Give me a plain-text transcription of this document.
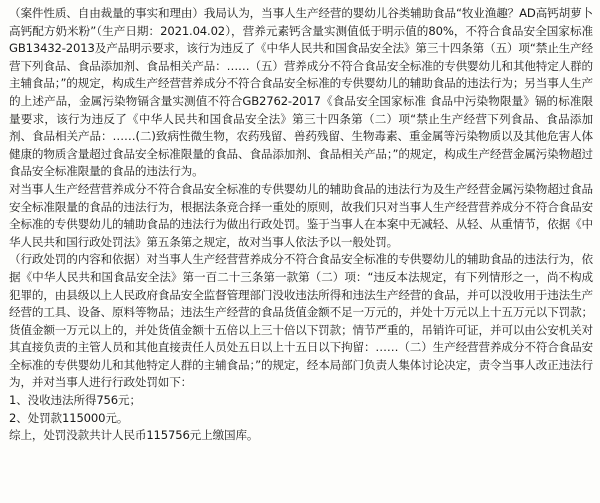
（案件性质、自由裁量的事实和理由）我局认为，当事人生产经营的婴幼儿谷类辅助食品“牧业渔趣？AD高钙胡萝卜高钙配方奶米粉”（生产日期：2021.04.02），营养元素钙含量实测值低于明示值的80%，不符合食品安全国家标准GB13432-2013及产品明示要求，该行为违反了《中华人民共和国食品安全法》第三十四条第（五）项“禁止生产经营下列食品、食品添加剂、食品相关产品：……（五）营养成分不符合食品安全标准的专供婴幼儿和其他特定人群的主辅食品；”的规定，构成生产经营营养成分不符合食品安全标准的专供婴幼儿的辅助食品的违法行为；另当事人生产的上述产品，金属污染物镉含量实测值不符合GB2762-2017《食品安全国家标准 食品中污染物限量》镉的标准限量要求，该行为违反了《中华人民共和国食品安全法》第三十四条第（二）项“禁止生产经营下列食品、食品添加剂、食品相关产品：……(二)致病性微生物，农药残留、兽药残留、生物毒素、重金属等污染物质以及其他危害人体健康的物质含量超过食品安全标准限量的食品、食品添加剂、食品相关产品；”的规定，构成生产经营金属污染物超过食品安全标准限量的食品的违法行为。

对当事人生产经营营养成分不符合食品安全标准的专供婴幼儿的辅助食品的违法行为及生产经营金属污染物超过食品安全标准限量的食品的违法行为，根据法条竞合择一重处的原则，故我们只对当事人生产经营营养成分不符合食品安全标准的专供婴幼儿的辅助食品的违法行为做出行政处罚。鉴于当事人在本案中无减轻、从轻、从重情节，依据《中华人民共和国行政处罚法》第五条第之规定，故对当事人依法予以一般处罚。

（行政处罚的内容和依据）对当事人生产经营营养成分不符合食品安全标准的专供婴幼儿的辅助食品的违法行为，依据《中华人民共和国食品安全法》第一百二十三条第一款第（二）项：“违反本法规定，有下列情形之一，尚不构成犯罪的，由县级以上人民政府食品安全监督管理部门没收违法所得和违法生产经营的食品，并可以没收用于违法生产经营的工具、设备、原料等物品；违法生产经营的食品货值金额不足一万元的，并处十万元以上十五万元以下罚款；货值金额一万元以上的，并处货值金额十五倍以上三十倍以下罚款；情节严重的，吊销许可证，并可以由公安机关对其直接负责的主管人员和其他直接责任人员处五日以上十五日以下拘留：……（二）生产经营营养成分不符合食品安全标准的专供婴幼儿和其他特定人群的主辅食品；”的规定，经本局部门负责人集体讨论决定，责令当事人改正违法行为，并对当事人进行行政处罚如下：

1、没收违法所得756元；

2、处罚款115000元。

综上，处罚没款共计人民币115756元上缴国库。
